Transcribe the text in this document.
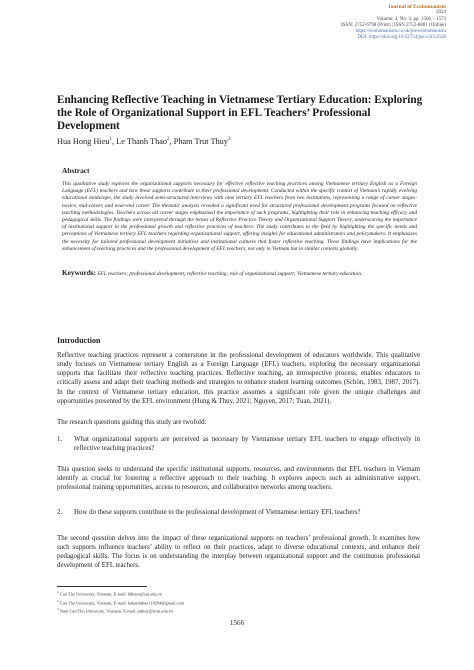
Journal of Ecohumanism
2024
Volume: 3, No: 3, pp. 1566 – 1573
ISSN: 2752-6798 (Print) | ISSN 2752-6801 (Online)
https://ecohumanism.co.uk/joe/ecohumanism
DOI: https://doi.org/10.62754/joe.v3i3.3558
Enhancing Reflective Teaching in Vietnamese Tertiary Education: Exploring the Role of Organizational Support in EFL Teachers’ Professional Development
Hua Hong Hieu$^1$, Le Thanh Thao$^2$, Pham Trut Thuy$^3$
Abstract
This qualitative study explores the organizational supports necessary for effective reflective teaching practices among Vietnamese tertiary English as a Foreign Language (EFL) teachers and how these supports contribute to their professional development. Conducted within the specific context of Vietnam’s rapidly evolving educational landscape, the study involved semi-structured interviews with nine tertiary EFL teachers from two institutions, representing a range of career stages: novice, mid-career, and near-end career. The thematic analysis revealed a significant need for structured professional development programs focused on reflective teaching methodologies. Teachers across all career stages emphasized the importance of such programs, highlighting their role in enhancing teaching efficacy and pedagogical skills. The findings were interpreted through the lenses of Reflective Practice Theory and Organizational Support Theory, underscoring the importance of institutional support in the professional growth and reflective practices of teachers. The study contributes to the field by highlighting the specific needs and perceptions of Vietnamese tertiary EFL teachers regarding organizational support, offering insights for educational administrators and policymakers. It emphasizes the necessity for tailored professional development initiatives and institutional cultures that foster reflective teaching. These findings have implications for the enhancement of teaching practices and the professional development of EFL teachers, not only in Vietnam but in similar contexts globally.
Keywords: EFL teachers; professional development; reflective teaching; role of organizational support; Vietnamese tertiary education.
Introduction
Reflective teaching practices represent a cornerstone in the professional development of educators worldwide. This qualitative study focuses on Vietnamese tertiary English as a Foreign Language (EFL) teachers, exploring the necessary organizational supports that facilitate their reflective teaching practices. Reflective teaching, an introspective process, enables educators to critically assess and adapt their teaching methods and strategies to enhance student learning outcomes (Schön, 1983, 1987, 2017). In the context of Vietnamese tertiary education, this practice assumes a significant role given the unique challenges and opportunities presented by the EFL environment (Hung & Thuy, 2021; Nguyen, 2017; Tuan, 2021).
The research questions guiding this study are twofold:
1.	What organizational supports are perceived as necessary by Vietnamese tertiary EFL teachers to engage effectively in reflective teaching practices?
This question seeks to understand the specific institutional supports, resources, and environments that EFL teachers in Vietnam identify as crucial for fostering a reflective approach to their teaching. It explores aspects such as administrative support, professional training opportunities, access to resources, and collaborative networks among teachers.
2.	How do these supports contribute to the professional development of Vietnamese tertiary EFL teachers?
The second question delves into the impact of these organizational supports on teachers’ professional growth. It examines how such supports influence teachers’ ability to reflect on their practices, adapt to diverse educational contexts, and enhance their pedagogical skills. The focus is on understanding the interplay between organizational support and the continuous professional development of EFL teachers.
$^1$ Can Tho University, Vietnam; E-mail: hhhieu@ctu.edu.vn
$^2$ Can Tho University, Vietnam; E-mail: lethanhthao110294@gmail.com
$^3$ Nam Can Tho University, Vietnam; E-mail: ptthuy@nctu.edu.vn
1566
